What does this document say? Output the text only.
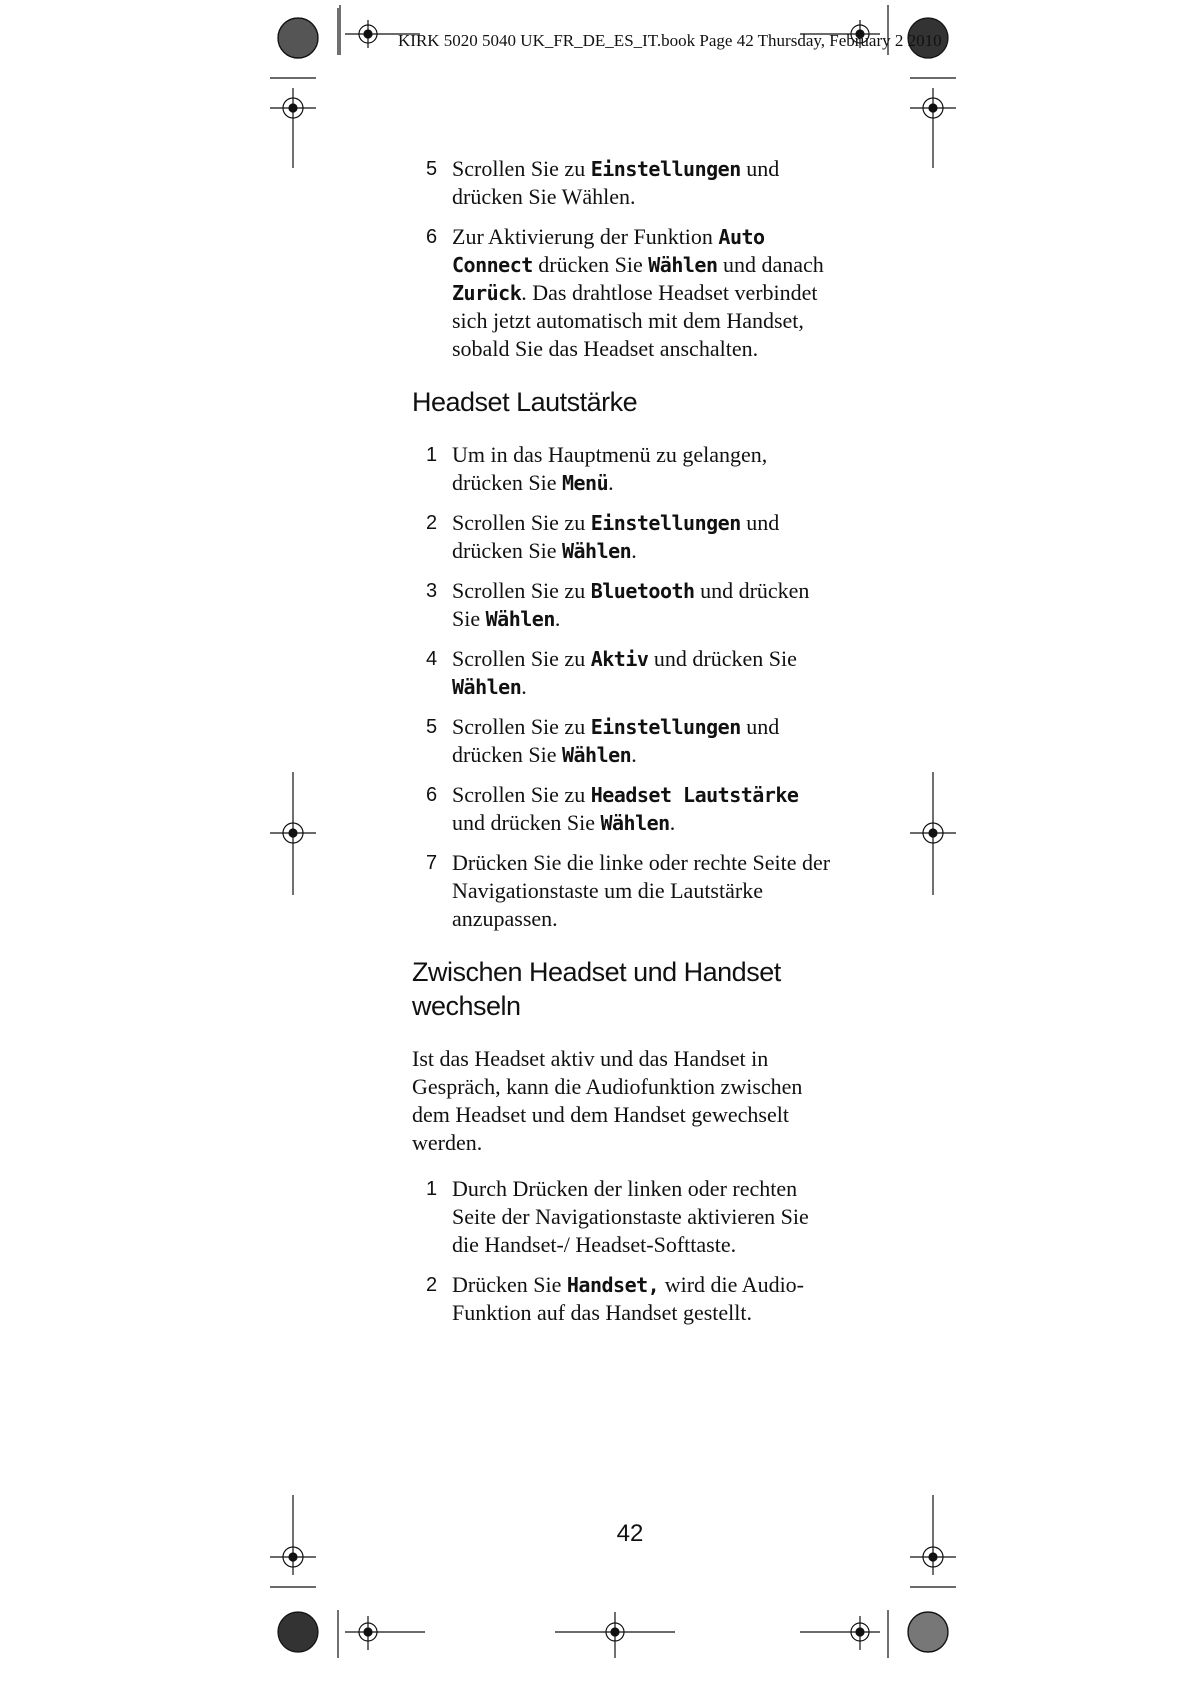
KIRK 5020 5040 UK_FR_DE_ES_IT.book Page 42 Thursday, February 2 2010
5 Scrollen Sie zu Einstellungen und drücken Sie Wählen.
6 Zur Aktivierung der Funktion Auto Connect drücken Sie Wählen und danach Zurück. Das drahtlose Headset verbindet sich jetzt automatisch mit dem Handset, sobald Sie das Headset anschalten.
Headset Lautstärke
1 Um in das Hauptmenü zu gelangen, drücken Sie Menü.
2 Scrollen Sie zu Einstellungen und drücken Sie Wählen.
3 Scrollen Sie zu Bluetooth und drücken Sie Wählen.
4 Scrollen Sie zu Aktiv und drücken Sie Wählen.
5 Scrollen Sie zu Einstellungen und drücken Sie Wählen.
6 Scrollen Sie zu Headset Lautstärke und drücken Sie Wählen.
7 Drücken Sie die linke oder rechte Seite der Navigationstaste um die Lautstärke anzupassen.
Zwischen Headset und Handset wechseln

Ist das Headset aktiv und das Handset in Gespräch, kann die Audiofunktion zwischen dem Headset und dem Handset gewechselt werden.

1 Durch Drücken der linken oder rechten Seite der Navigationstaste aktivieren Sie die Handset-/ Headset-Softtaste.
2 Drücken Sie Handset, wird die Audio-Funktion auf das Handset gestellt.
42
